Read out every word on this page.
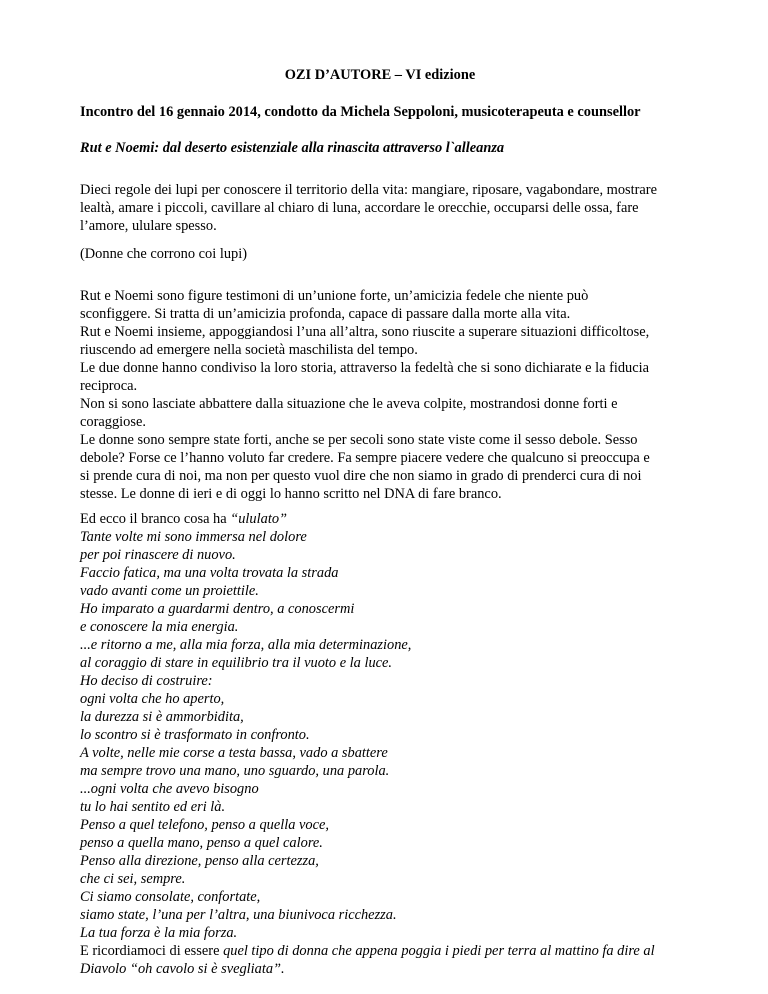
OZI D’AUTORE – VI edizione
Incontro del 16 gennaio 2014, condotto da Michela Seppoloni, musicoterapeuta e counsellor
Rut e Noemi: dal deserto esistenziale alla rinascita attraverso l`alleanza
Dieci regole dei lupi per conoscere il territorio della vita: mangiare, riposare, vagabondare, mostrare
lealtà, amare i piccoli, cavillare al chiaro di luna, accordare le orecchie, occuparsi delle ossa, fare
l’amore, ululare spesso.
(Donne che corrono coi lupi)
Rut e Noemi sono figure testimoni di un’unione forte, un’amicizia fedele che niente può
sconfiggere. Si tratta di un’amicizia profonda, capace di passare dalla morte alla vita.
Rut e Noemi insieme, appoggiandosi l’una all’altra, sono riuscite a superare situazioni difficoltose,
riuscendo ad emergere nella società maschilista del tempo.
Le due donne hanno condiviso la loro storia, attraverso la fedeltà che si sono dichiarate e la fiducia
reciproca.
Non si sono lasciate abbattere dalla situazione che le aveva colpite, mostrandosi donne forti e
coraggiose.
Le donne sono sempre state forti, anche se per secoli sono state viste come il sesso debole. Sesso
debole? Forse ce l’hanno voluto far credere. Fa sempre piacere vedere che qualcuno si preoccupa e
si prende cura di noi, ma non per questo vuol dire che non siamo in grado di prenderci cura di noi
stesse. Le donne di ieri e di oggi lo hanno scritto nel DNA di fare branco.
Ed ecco il branco cosa ha “ululato”
Tante volte mi sono immersa nel dolore
per poi rinascere di nuovo.
Faccio fatica, ma una volta trovata la strada
vado avanti come un proiettile.
Ho imparato a guardarmi dentro, a conoscermi
e conoscere la mia energia.
...e ritorno a me, alla mia forza, alla mia determinazione,
al coraggio di stare in equilibrio tra il vuoto e la luce.
Ho deciso di costruire:
ogni volta che ho aperto,
la durezza si è ammorbidita,
lo scontro si è trasformato in confronto.
A volte, nelle mie corse a testa bassa, vado a sbattere
ma sempre trovo una mano, uno sguardo, una parola.
...ogni volta che avevo bisogno
tu lo hai sentito ed eri là.
Penso a quel telefono, penso a quella voce,
penso a quella mano, penso a quel calore.
Penso alla direzione, penso alla certezza,
che ci sei, sempre.
Ci siamo consolate, confortate,
siamo state, l’una per l’altra, una biunivoca ricchezza.
La tua forza è la mia forza.
E ricordiamoci di essere quel tipo di donna che appena poggia i piedi per terra al mattino fa dire al
Diavolo “oh cavolo si è svegliata”.
